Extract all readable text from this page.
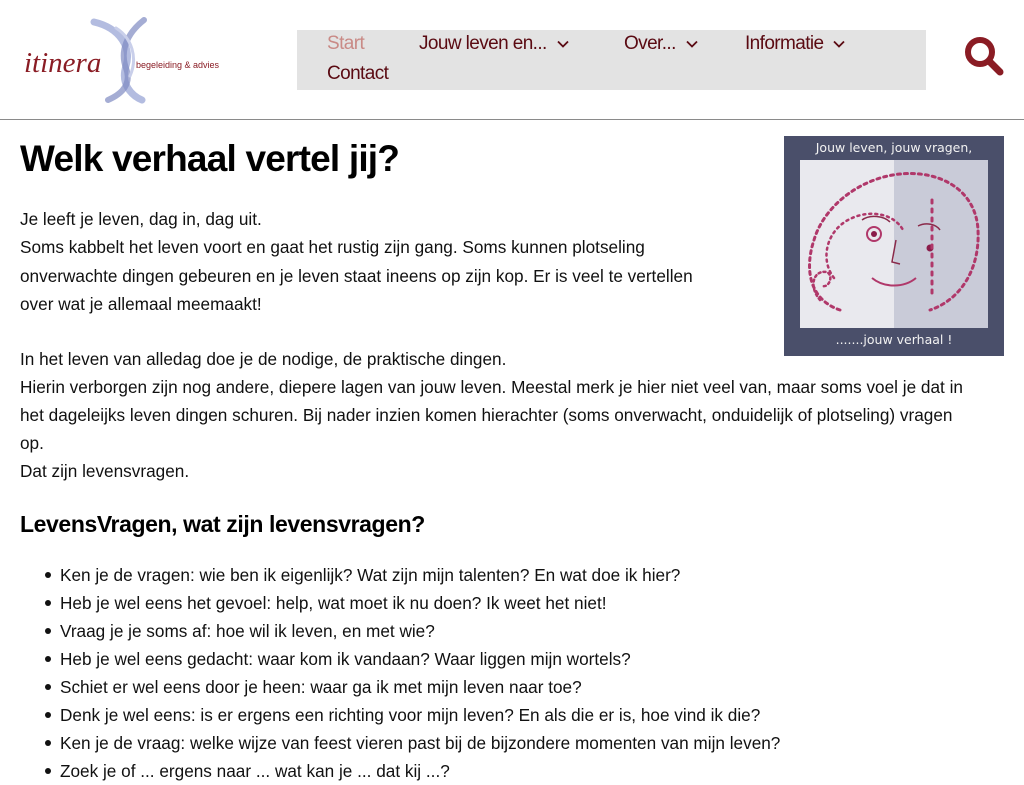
itinera	begeleiding & advies
Start	Jouw leven en...	Over...	Informatie
Contact
Welk verhaal vertel jij?
Je leeft je leven, dag in, dag uit.
Soms kabbelt het leven voort en gaat het rustig zijn gang. Soms kunnen plotseling
onverwachte dingen gebeuren en je leven staat ineens op zijn kop. Er is veel te vertellen
over wat je allemaal meemaakt!
In het leven van alledag doe je de nodige, de praktische dingen.
Hierin verborgen zijn nog andere, diepere lagen van jouw leven. Meestal merk je hier niet veel van, maar soms voel je dat in
het dageleijks leven dingen schuren. Bij nader inzien komen hierachter (soms onverwacht, onduidelijk of plotseling) vragen
op.
Dat zijn levensvragen.
LevensVragen, wat zijn levensvragen?
Ken je de vragen: wie ben ik eigenlijk? Wat zijn mijn talenten? En wat doe ik hier?
Heb je wel eens het gevoel: help, wat moet ik nu doen? Ik weet het niet!
Vraag je je soms af: hoe wil ik leven, en met wie?
Heb je wel eens gedacht: waar kom ik vandaan? Waar liggen mijn wortels?
Schiet er wel eens door je heen: waar ga ik met mijn leven naar toe?
Denk je wel eens: is er ergens een richting voor mijn leven? En als die er is, hoe vind ik die?
Ken je de vraag: welke wijze van feest vieren past bij de bijzondere momenten van mijn leven?
Zoek je of ... ergens naar ... wat kan je ... dat kij ...?
Jouw leven, jouw vragen,
.......jouw verhaal !
